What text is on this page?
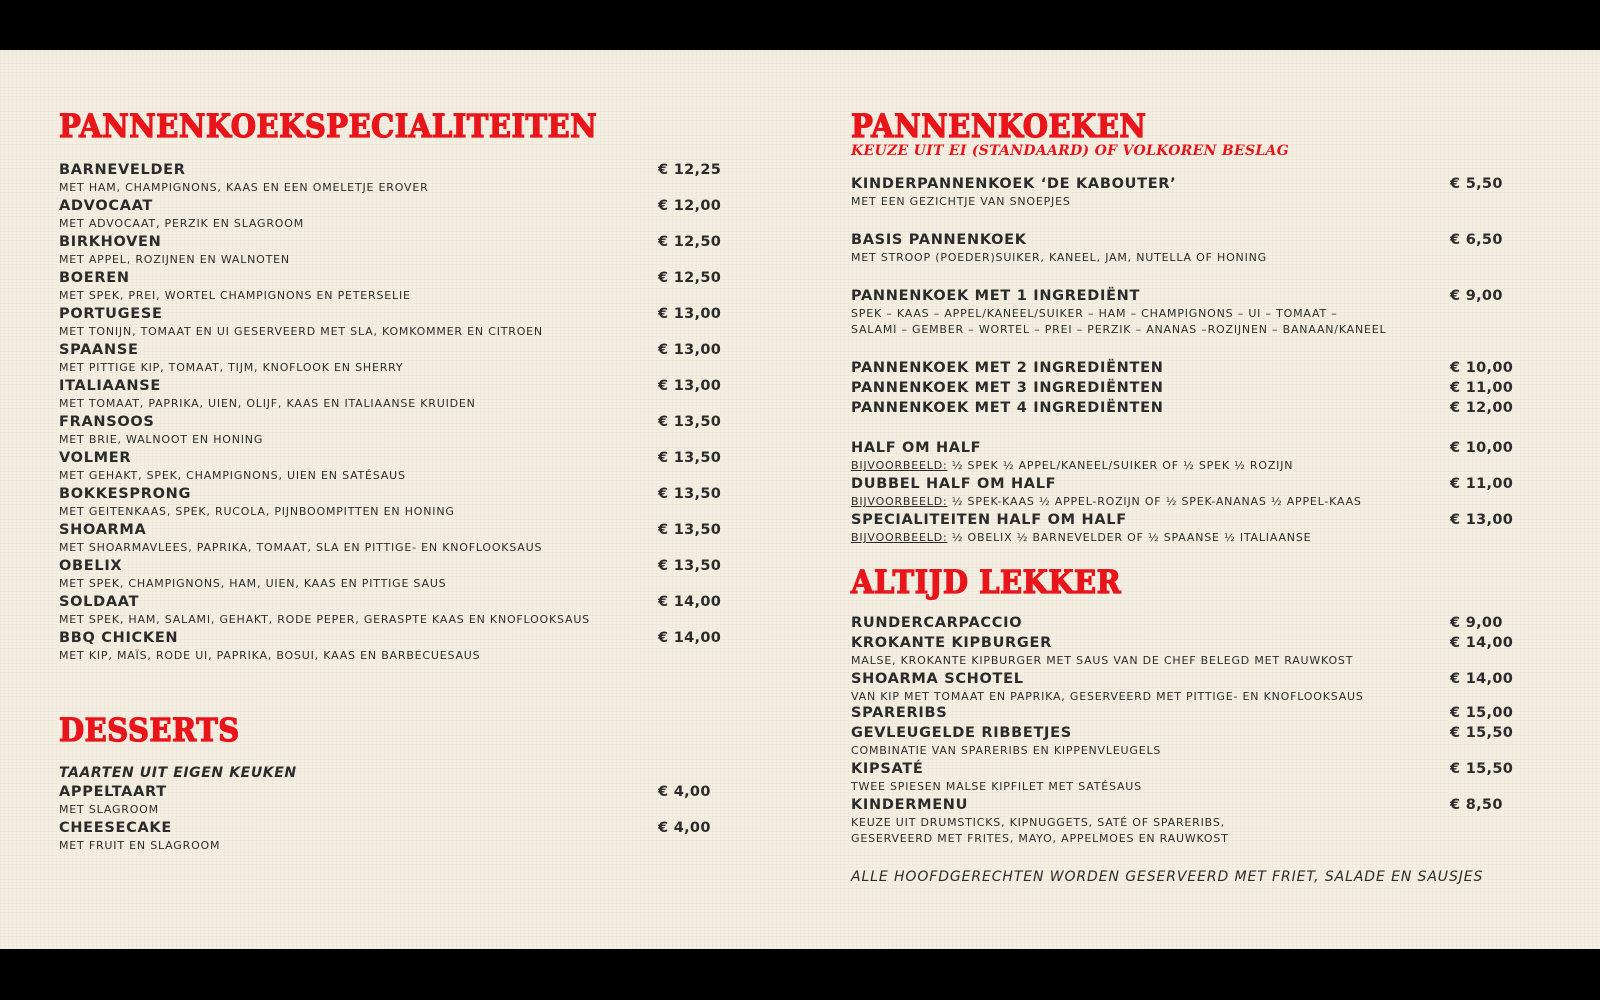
PANNENKOEKSPECIALITEITEN
BARNEVELDER	€ 12,25
MET HAM, CHAMPIGNONS, KAAS EN EEN OMELETJE EROVER
ADVOCAAT	€ 12,00
MET ADVOCAAT, PERZIK EN SLAGROOM
BIRKHOVEN	€ 12,50
MET APPEL, ROZIJNEN EN WALNOTEN
BOEREN	€ 12,50
MET SPEK, PREI, WORTEL CHAMPIGNONS EN PETERSELIE
PORTUGESE	€ 13,00
MET TONIJN, TOMAAT EN UI GESERVEERD MET SLA, KOMKOMMER EN CITROEN
SPAANSE	€ 13,00
MET PITTIGE KIP, TOMAAT, TIJM, KNOFLOOK EN SHERRY
ITALIAANSE	€ 13,00
MET TOMAAT, PAPRIKA, UIEN, OLIJF, KAAS EN ITALIAANSE KRUIDEN
FRANSOOS	€ 13,50
MET BRIE, WALNOOT EN HONING
VOLMER	€ 13,50
MET GEHAKT, SPEK, CHAMPIGNONS, UIEN EN SATÉSAUS
BOKKESPRONG	€ 13,50
MET GEITENKAAS, SPEK, RUCOLA, PIJNBOOMPITTEN EN HONING
SHOARMA	€ 13,50
MET SHOARMAVLEES, PAPRIKA, TOMAAT, SLA EN PITTIGE- EN KNOFLOOKSAUS
OBELIX	€ 13,50
MET SPEK, CHAMPIGNONS, HAM, UIEN, KAAS EN PITTIGE SAUS
SOLDAAT	€ 14,00
MET SPEK, HAM, SALAMI, GEHAKT, RODE PEPER, GERASPTE KAAS EN KNOFLOOKSAUS
BBQ CHICKEN	€ 14,00
MET KIP, MAÏS, RODE UI, PAPRIKA, BOSUI, KAAS EN BARBECUESAUS
DESSERTS
TAARTEN UIT EIGEN KEUKEN
APPELTAART	€ 4,00
MET SLAGROOM
CHEESECAKE	€ 4,00
MET FRUIT EN SLAGROOM
PANNENKOEKEN
KEUZE UIT EI (STANDAARD) OF VOLKOREN BESLAG
KINDERPANNENKOEK ‘DE KABOUTER’	€ 5,50
MET EEN GEZICHTJE VAN SNOEPJES
BASIS PANNENKOEK	€ 6,50
MET STROOP (POEDER)SUIKER, KANEEL, JAM, NUTELLA OF HONING
PANNENKOEK MET 1 INGREDIËNT	€ 9,00
SPEK – KAAS – APPEL/KANEEL/SUIKER – HAM – CHAMPIGNONS – UI – TOMAAT –
SALAMI – GEMBER – WORTEL – PREI – PERZIK – ANANAS –ROZIJNEN – BANAAN/KANEEL
PANNENKOEK MET 2 INGREDIËNTEN	€ 10,00
PANNENKOEK MET 3 INGREDIËNTEN	€ 11,00
PANNENKOEK MET 4 INGREDIËNTEN	€ 12,00
HALF OM HALF	€ 10,00
BIJVOORBEELD: ½ SPEK ½ APPEL/KANEEL/SUIKER OF ½ SPEK ½ ROZIJN
DUBBEL HALF OM HALF	€ 11,00
BIJVOORBEELD: ½ SPEK-KAAS ½ APPEL-ROZIJN OF ½ SPEK-ANANAS ½ APPEL-KAAS
SPECIALITEITEN HALF OM HALF	€ 13,00
BIJVOORBEELD: ½ OBELIX ½ BARNEVELDER OF ½ SPAANSE ½ ITALIAANSE
ALTIJD LEKKER
RUNDERCARPACCIO	€ 9,00
KROKANTE KIPBURGER	€ 14,00
MALSE, KROKANTE KIPBURGER MET SAUS VAN DE CHEF BELEGD MET RAUWKOST
SHOARMA SCHOTEL	€ 14,00
VAN KIP MET TOMAAT EN PAPRIKA, GESERVEERD MET PITTIGE- EN KNOFLOOKSAUS
SPARERIBS	€ 15,00
GEVLEUGELDE RIBBETJES	€ 15,50
COMBINATIE VAN SPARERIBS EN KIPPENVLEUGELS
KIPSATÉ	€ 15,50
TWEE SPIESEN MALSE KIPFILET MET SATÉSAUS
KINDERMENU	€ 8,50
KEUZE UIT DRUMSTICKS, KIPNUGGETS, SATÉ OF SPARERIBS,
GESERVEERD MET FRITES, MAYO, APPELMOES EN RAUWKOST
ALLE HOOFDGERECHTEN WORDEN GESERVEERD MET FRIET, SALADE EN SAUSJES
